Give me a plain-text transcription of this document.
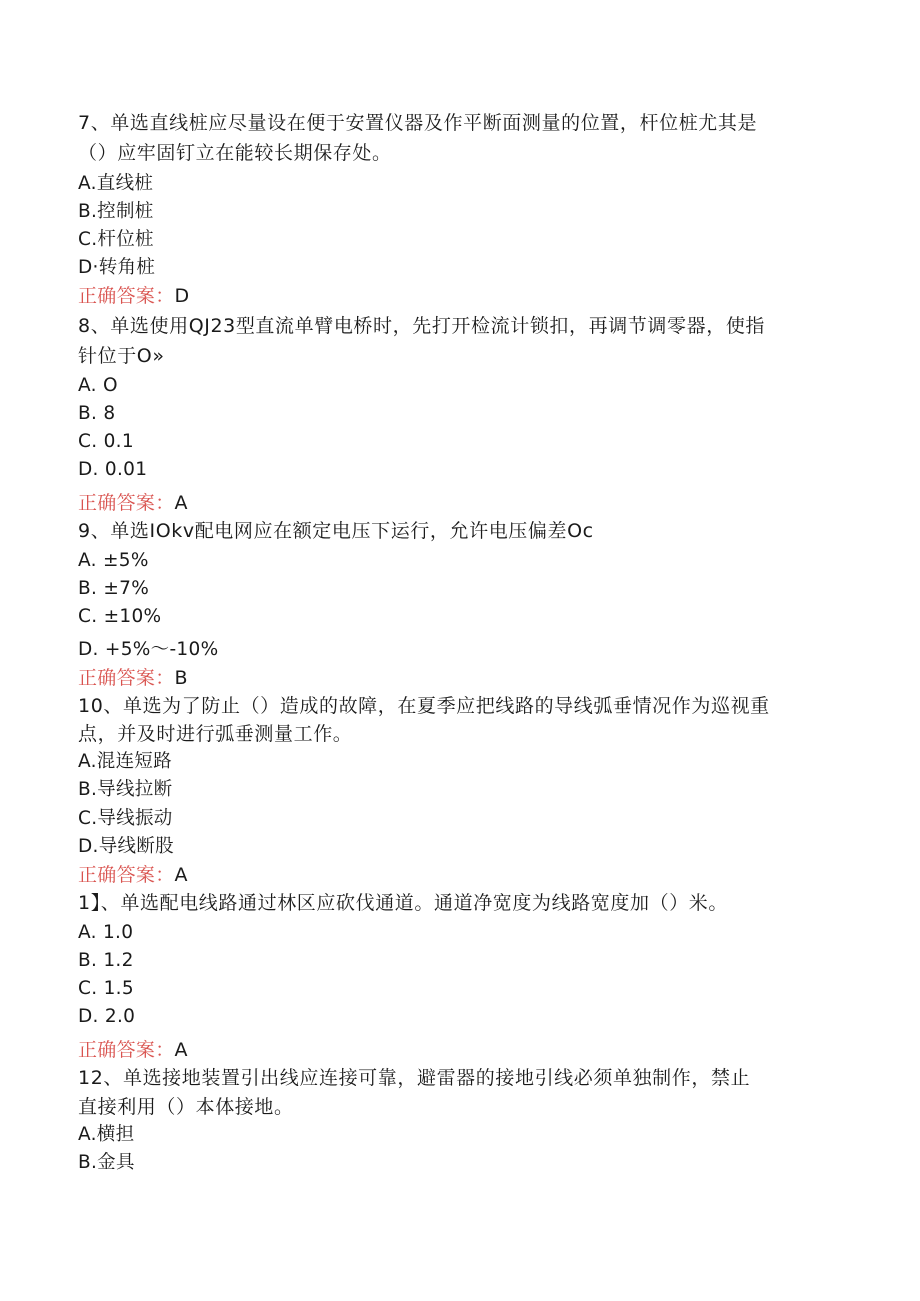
7、单选直线桩应尽量设在便于安置仪器及作平断面测量的位置，杆位桩尤其是
（）应牢固钉立在能较长期保存处。
A.直线桩
B.控制桩
C.杆位桩
D·转角桩
正确答案：D
8、单选使用QJ23型直流单臂电桥时，先打开检流计锁扣，再调节调零器，使指
针位于O»
A. O
B. 8
C. 0.1
D. 0.01
正确答案：A
9、单选IOkv配电网应在额定电压下运行，允许电压偏差Oc
A. ±5%
B. ±7%
C. ±10%
D. +5%～-10%
正确答案：B
10、单选为了防止（）造成的故障，在夏季应把线路的导线弧垂情况作为巡视重
点，并及时进行弧垂测量工作。
A.混连短路
B.导线拉断
C.导线振动
D.导线断股
正确答案：A
1】、单选配电线路通过林区应砍伐通道。通道净宽度为线路宽度加（）米。
A. 1.0
B. 1.2
C. 1.5
D. 2.0
正确答案：A
12、单选接地装置引出线应连接可靠，避雷器的接地引线必须单独制作，禁止
直接利用（）本体接地。
A.横担
B.金具
